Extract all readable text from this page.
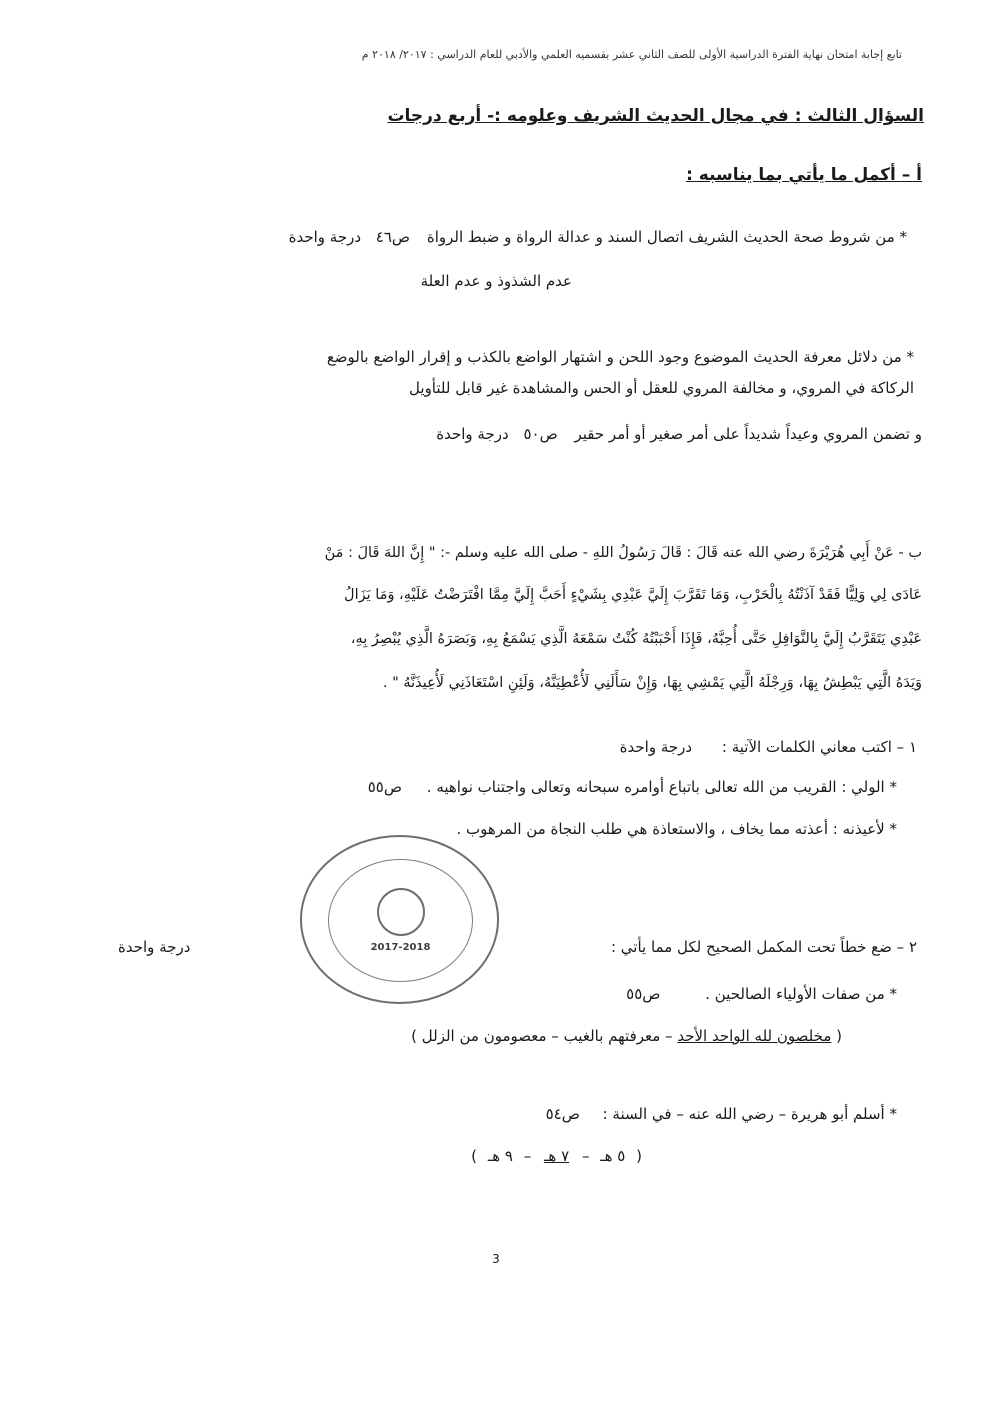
تابع إجابة امتحان نهاية الفترة الدراسية الأولى للصف الثاني عشر بقسميه العلمي والأدبي للعام الدراسي : ٢٠١٧/ ٢٠١٨ م
السؤال الثالث : في مجال الحديث الشريف وعلومه :- أربع درجات
أ – أكمل ما يأتي بما يناسبه :
* من شروط صحة الحديث الشريف اتصال السند و عدالة الرواة و ضبط الرواة ص٤٦ درجة واحدة
عدم الشذوذ و عدم العلة
* من دلائل معرفة الحديث الموضوع وجود اللحن و اشتهار الواضع بالكذب و إقرار الواضع بالوضع
الركاكة في المروي، و مخالفة المروي للعقل أو الحس والمشاهدة غير قابل للتأويل
و تضمن المروي وعيداً شديداً على أمر صغير أو أمر حقير ص٥٠ درجة واحدة
ب - عَنْ أَبِي هُرَيْرَةَ رضي الله عنه قَالَ : قَالَ رَسُولُ اللهِ - صلى الله عليه وسلم -: " إِنَّ اللهَ قَالَ : مَنْ
عَادَى لِي وَلِيًّا فَقَدْ آذَنْتُهُ بِالْحَرْبِ، وَمَا تَقَرَّبَ إِلَيَّ عَبْدِي بِشَيْءٍ أَحَبَّ إِلَيَّ مِمَّا افْتَرَضْتُ عَلَيْهِ، وَمَا يَزَالُ
عَبْدِي يَتَقَرَّبُ إِلَيَّ بِالنَّوَافِلِ حَتَّى أُحِبَّهُ، فَإِذَا أَحْبَبْتُهُ كُنْتُ سَمْعَهُ الَّذِي يَسْمَعُ بِهِ، وَبَصَرَهُ الَّذِي يُبْصِرُ بِهِ،
وَيَدَهُ الَّتِي يَبْطِشُ بِهَا، وَرِجْلَهُ الَّتِي يَمْشِي بِهَا، وَإِنْ سَأَلَنِي لَأُعْطِيَنَّهُ، وَلَئِنِ اسْتَعَاذَنِي لَأُعِيذَنَّهُ " .
١ – اكتب معاني الكلمات الآتية : درجة واحدة
* الولي : القريب من الله تعالى باتباع أوامره سبحانه وتعالى واجتناب نواهيه . ص٥٥
* لأعيذنه : أعذته مما يخاف ، والاستعاذة هي طلب النجاة من المرهوب .
2017-2018	٢ – ضع خطاً تحت المكمل الصحيح لكل مما يأتي :
درجة واحدة
* من صفات الأولياء الصالحين . ص٥٥
( مخلصون لله الواحد الأحد – معرفتهم بالغيب – معصومون من الزلل )
* أسلم أبو هريرة – رضي الله عنه – في السنة : ص٥٤
( ٥ هـ – ٧ هـ – ٩ هـ )
3
